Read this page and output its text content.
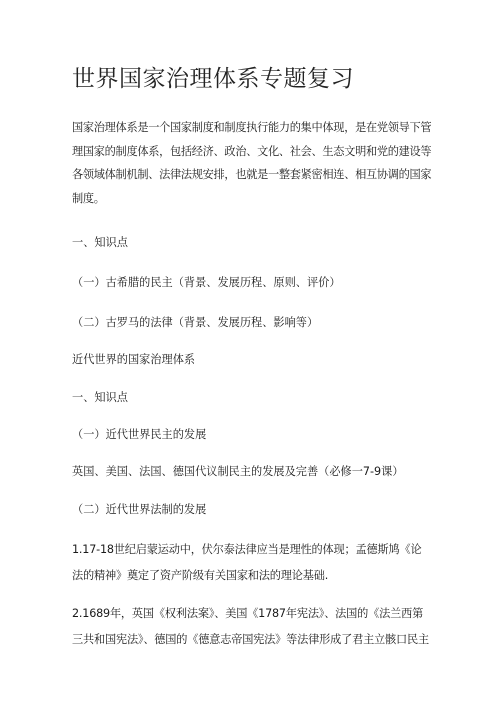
世界国家治理体系专题复习
国家治理体系是一个国家制度和制度执行能力的集中体现，是在党领导下管理国家的制度体系，包括经济、政治、文化、社会、生态文明和党的建设等各领域体制机制、法律法规安排，也就是一整套紧密相连、相互协调的国家制度。
一、知识点
（一）古希腊的民主（背景、发展历程、原则、评价）
（二）古罗马的法律（背景、发展历程、影响等）
近代世界的国家治理体系
一、知识点
（一）近代世界民主的发展
英国、美国、法国、德国代议制民主的发展及完善（必修一7-9课）
（二）近代世界法制的发展
1.17-18世纪启蒙运动中，伏尔泰法律应当是理性的体现；孟德斯鸠《论法的精神》奠定了资产阶级有关国家和法的理论基础.
2.1689年，英国《权利法案》、美国《1787年宪法》、法国的《法兰西第三共和国宪法》、德国的《德意志帝国宪法》等法律形成了君主立骸口民主
